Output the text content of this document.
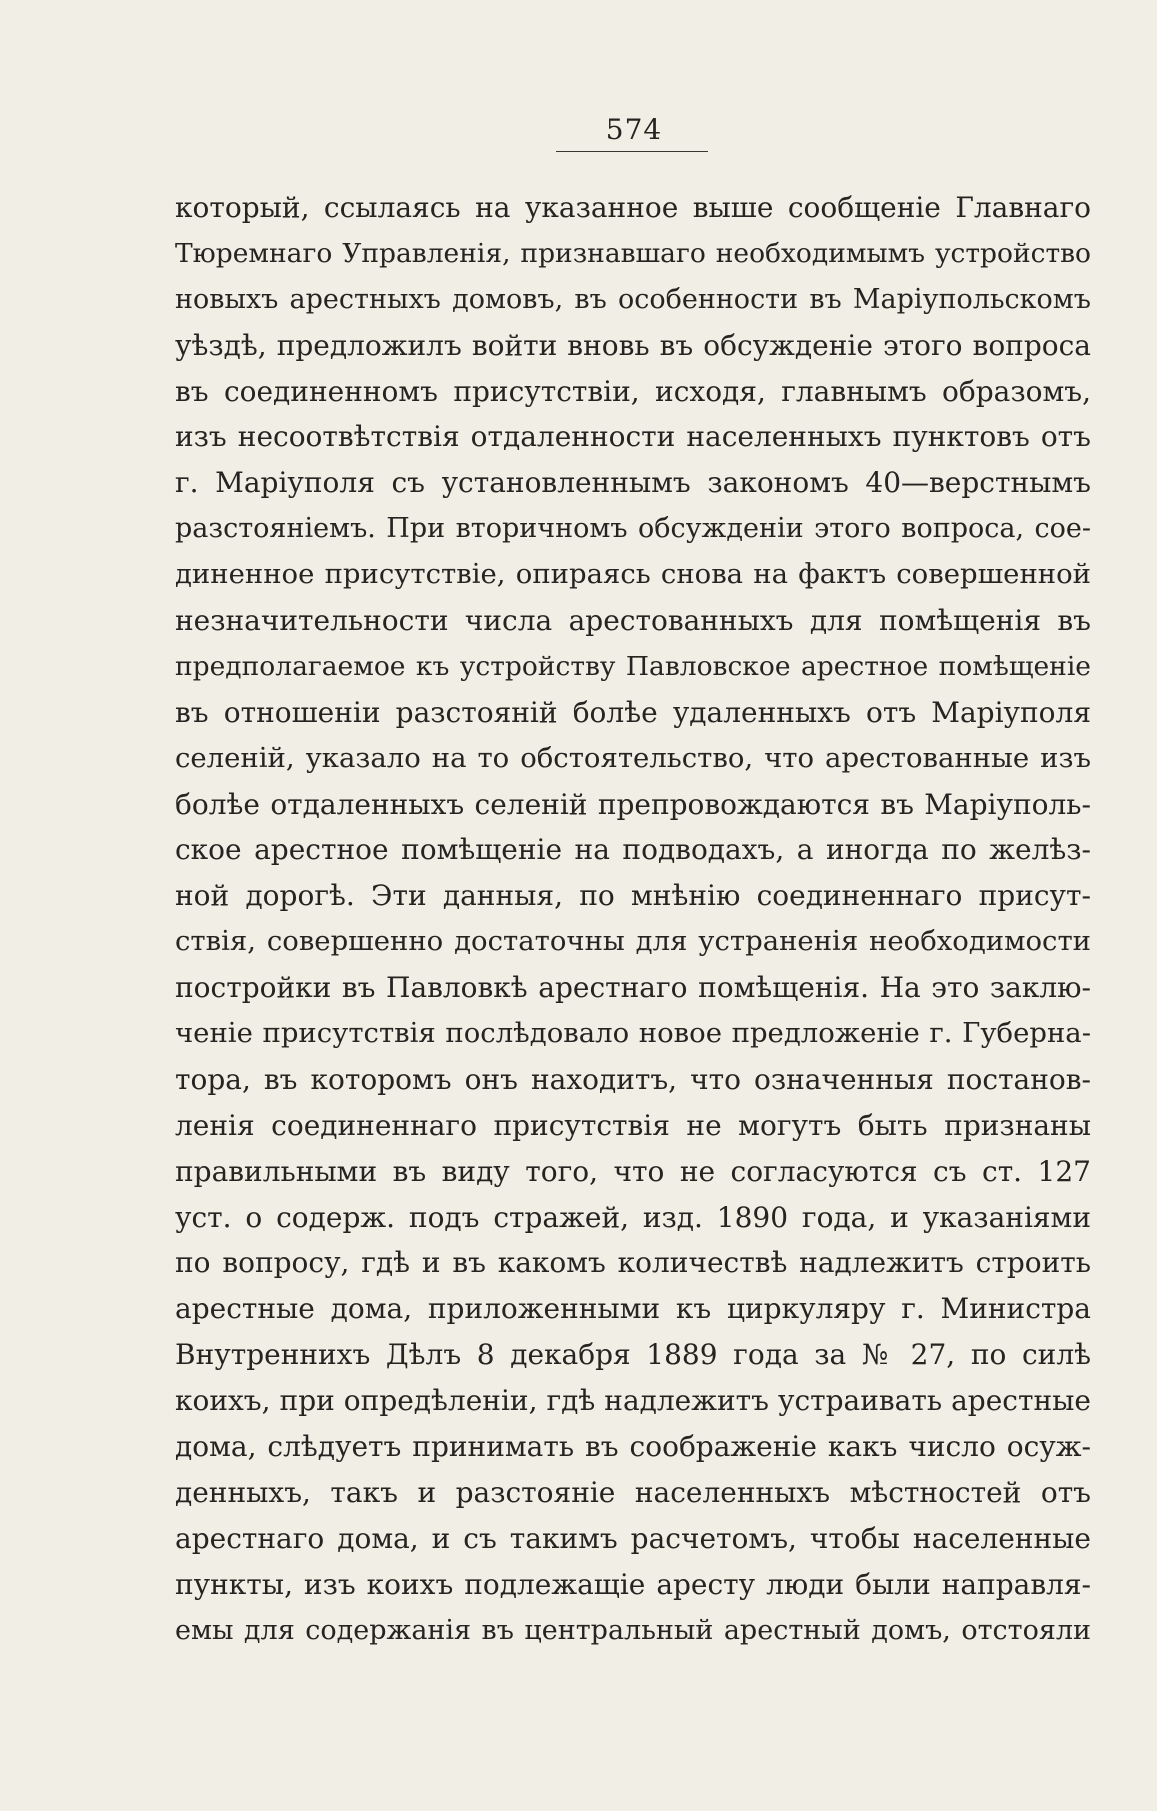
574
который, ссылаясь на указанное выше сообщеніе Главнаго
Тюремнаго Управленія, признавшаго необходимымъ устройство
новыхъ арестныхъ домовъ, въ особенности въ Маріупольскомъ
уѣздѣ, предложилъ войти вновь въ обсужденіе этого вопроса
въ соединенномъ присутствіи, исходя, главнымъ образомъ,
изъ несоотвѣтствія отдаленности населенныхъ пунктовъ отъ
г. Маріуполя съ установленнымъ закономъ 40—верстнымъ
разстояніемъ. При вторичномъ обсужденіи этого вопроса, сое-
диненное присутствіе, опираясь снова на фактъ совершенной
незначительности числа арестованныхъ для помѣщенія въ
предполагаемое къ устройству Павловское арестное помѣщеніе
въ отношеніи разстояній болѣе удаленныхъ отъ Маріуполя
селеній, указало на то обстоятельство, что арестованные изъ
болѣе отдаленныхъ селеній препровождаются въ Маріуполь-
ское арестное помѣщеніе на подводахъ, а иногда по желѣз-
ной дорогѣ. Эти данныя, по мнѣнію соединеннаго присут-
ствія, совершенно достаточны для устраненія необходимости
постройки въ Павловкѣ арестнаго помѣщенія. На это заклю-
ченіе присутствія послѣдовало новое предложеніе г. Губерна-
тора, въ которомъ онъ находитъ, что означенныя постанов-
ленія соединеннаго присутствія не могутъ быть признаны
правильными въ виду того, что не согласуются съ ст. 127
уст. о содерж. подъ стражей, изд. 1890 года, и указаніями
по вопросу, гдѣ и въ какомъ количествѣ надлежитъ строить
арестные дома, приложенными къ циркуляру г. Министра
Внутреннихъ Дѣлъ 8 декабря 1889 года за № 27, по силѣ
коихъ, при опредѣленіи, гдѣ надлежитъ устраивать арестные
дома, слѣдуетъ принимать въ соображеніе какъ число осуж-
денныхъ, такъ и разстояніе населенныхъ мѣстностей отъ
арестнаго дома, и съ такимъ расчетомъ, чтобы населенные
пункты, изъ коихъ подлежащіе аресту люди были направля-
емы для содержанія въ центральный арестный домъ, отстояли
